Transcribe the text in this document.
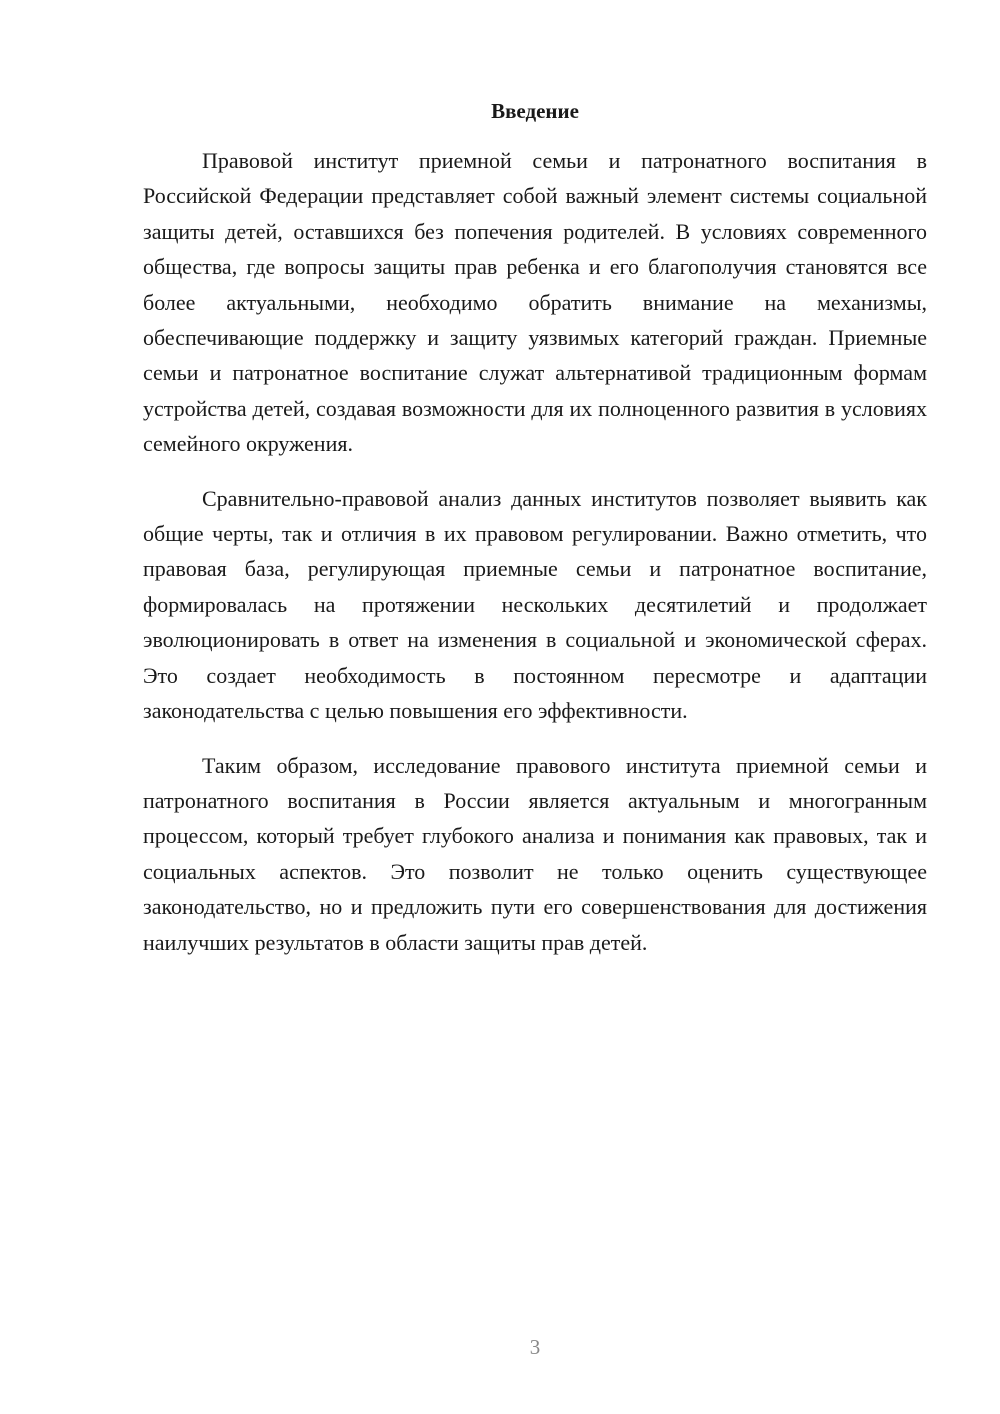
Введение

Правовой институт приемной семьи и патронатного воспитания в Российской Федерации представляет собой важный элемент системы социальной защиты детей, оставшихся без попечения родителей. В условиях современного общества, где вопросы защиты прав ребенка и его благополучия становятся все более актуальными, необходимо обратить внимание на механизмы, обеспечивающие поддержку и защиту уязвимых категорий граждан. Приемные семьи и патронатное воспитание служат альтернативой традиционным формам устройства детей, создавая возможности для их полноценного развития в условиях семейного окружения.

Сравнительно-правовой анализ данных институтов позволяет выявить как общие черты, так и отличия в их правовом регулировании. Важно отметить, что правовая база, регулирующая приемные семьи и патронатное воспитание, формировалась на протяжении нескольких десятилетий и продолжает эволюционировать в ответ на изменения в социальной и экономической сферах. Это создает необходимость в постоянном пересмотре и адаптации законодательства с целью повышения его эффективности.

Таким образом, исследование правового института приемной семьи и патронатного воспитания в России является актуальным и многогранным процессом, который требует глубокого анализа и понимания как правовых, так и социальных аспектов. Это позволит не только оценить существующее законодательство, но и предложить пути его совершенствования для достижения наилучших результатов в области защиты прав детей.

3
